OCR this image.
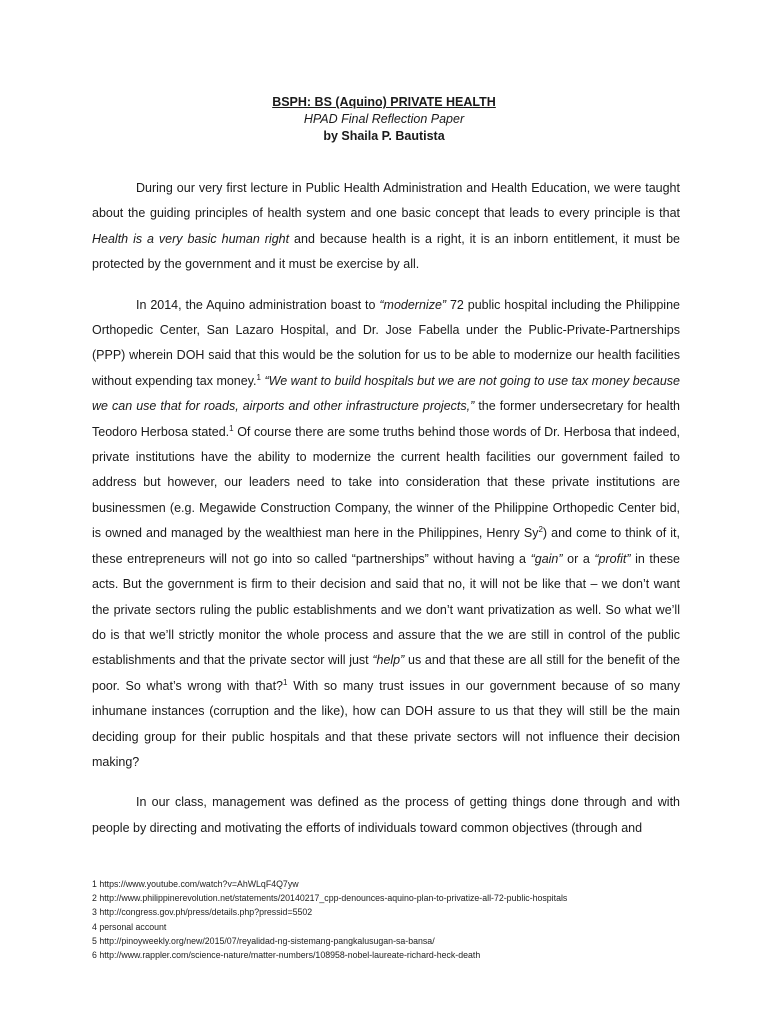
BSPH: BS (Aquino) PRIVATE HEALTH
HPAD Final Reflection Paper
by Shaila P. Bautista

During our very first lecture in Public Health Administration and Health Education, we were taught about the guiding principles of health system and one basic concept that leads to every principle is that Health is a very basic human right and because health is a right, it is an inborn entitlement, it must be protected by the government and it must be exercise by all.

In 2014, the Aquino administration boast to “modernize” 72 public hospital including the Philippine Orthopedic Center, San Lazaro Hospital, and Dr. Jose Fabella under the Public-Private-Partnerships (PPP) wherein DOH said that this would be the solution for us to be able to modernize our health facilities without expending tax money.$^1$ “We want to build hospitals but we are not going to use tax money because we can use that for roads, airports and other infrastructure projects,” the former undersecretary for health Teodoro Herbosa stated.$^1$ Of course there are some truths behind those words of Dr. Herbosa that indeed, private institutions have the ability to modernize the current health facilities our government failed to address but however, our leaders need to take into consideration that these private institutions are businessmen (e.g. Megawide Construction Company, the winner of the Philippine Orthopedic Center bid, is owned and managed by the wealthiest man here in the Philippines, Henry Sy$^2$) and come to think of it, these entrepreneurs will not go into so called “partnerships” without having a “gain” or a “profit” in these acts. But the government is firm to their decision and said that no, it will not be like that – we don’t want the private sectors ruling the public establishments and we don’t want privatization as well. So what we’ll do is that we’ll strictly monitor the whole process and assure that the we are still in control of the public establishments and that the private sector will just “help” us and that these are all still for the benefit of the poor. So what’s wrong with that?$^1$ With so many trust issues in our government because of so many inhumane instances (corruption and the like), how can DOH assure to us that they will still be the main deciding group for their public hospitals and that these private sectors will not influence their decision making?

In our class, management was defined as the process of getting things done through and with people by directing and motivating the efforts of individuals toward common objectives (through and

1 https://www.youtube.com/watch?v=AhWLqF4Q7yw
2 http://www.philippinerevolution.net/statements/20140217_cpp-denounces-aquino-plan-to-privatize-all-72-public-hospitals
3 http://congress.gov.ph/press/details.php?pressid=5502
4 personal account
5 http://pinoyweekly.org/new/2015/07/reyalidad-ng-sistemang-pangkalusugan-sa-bansa/
6 http://www.rappler.com/science-nature/matter-numbers/108958-nobel-laureate-richard-heck-death
